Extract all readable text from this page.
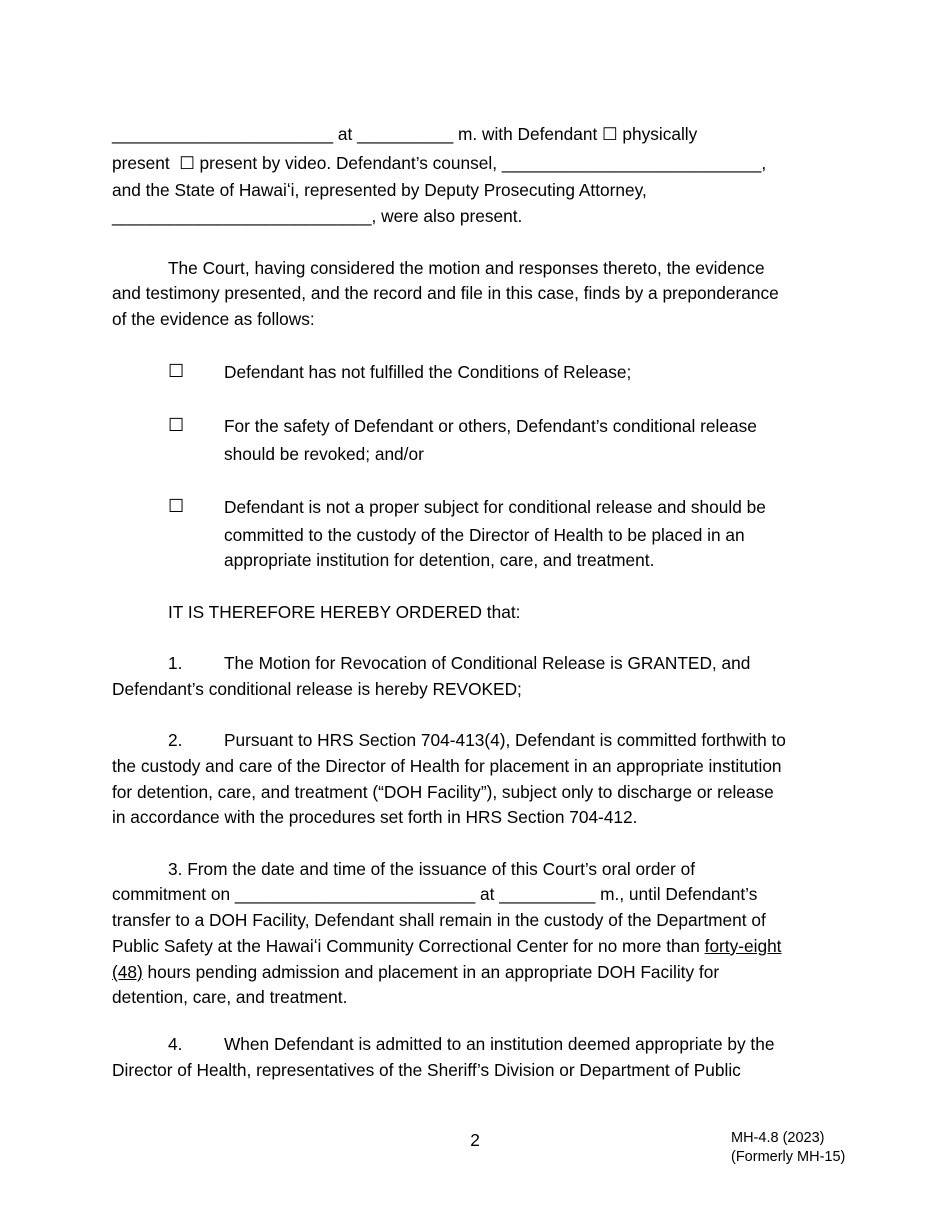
_______________________ at __________ m. with Defendant ☐ physically
present  ☐ present by video. Defendant’s counsel, ___________________________,
and the State of Hawaiʻi, represented by Deputy Prosecuting Attorney,
___________________________, were also present.
The Court, having considered the motion and responses thereto, the evidence
and testimony presented, and the record and file in this case, finds by a preponderance
of the evidence as follows:
☐ Defendant has not fulfilled the Conditions of Release;
☐ For the safety of Defendant or others, Defendant’s conditional release
should be revoked; and/or
☐ Defendant is not a proper subject for conditional release and should be
committed to the custody of the Director of Health to be placed in an
appropriate institution for detention, care, and treatment.
IT IS THEREFORE HEREBY ORDERED that:
1. The Motion for Revocation of Conditional Release is GRANTED, and
Defendant’s conditional release is hereby REVOKED;
2. Pursuant to HRS Section 704-413(4), Defendant is committed forthwith to
the custody and care of the Director of Health for placement in an appropriate institution
for detention, care, and treatment (“DOH Facility”), subject only to discharge or release
in accordance with the procedures set forth in HRS Section 704-412.
3. From the date and time of the issuance of this Court’s oral order of
commitment on _________________________ at __________ m., until Defendant’s
transfer to a DOH Facility, Defendant shall remain in the custody of the Department of
Public Safety at the Hawaiʻi Community Correctional Center for no more than forty-eight
(48) hours pending admission and placement in an appropriate DOH Facility for
detention, care, and treatment.
4. When Defendant is admitted to an institution deemed appropriate by the
Director of Health, representatives of the Sheriff’s Division or Department of Public
2	MH-4.8 (2023)
(Formerly MH-15)
